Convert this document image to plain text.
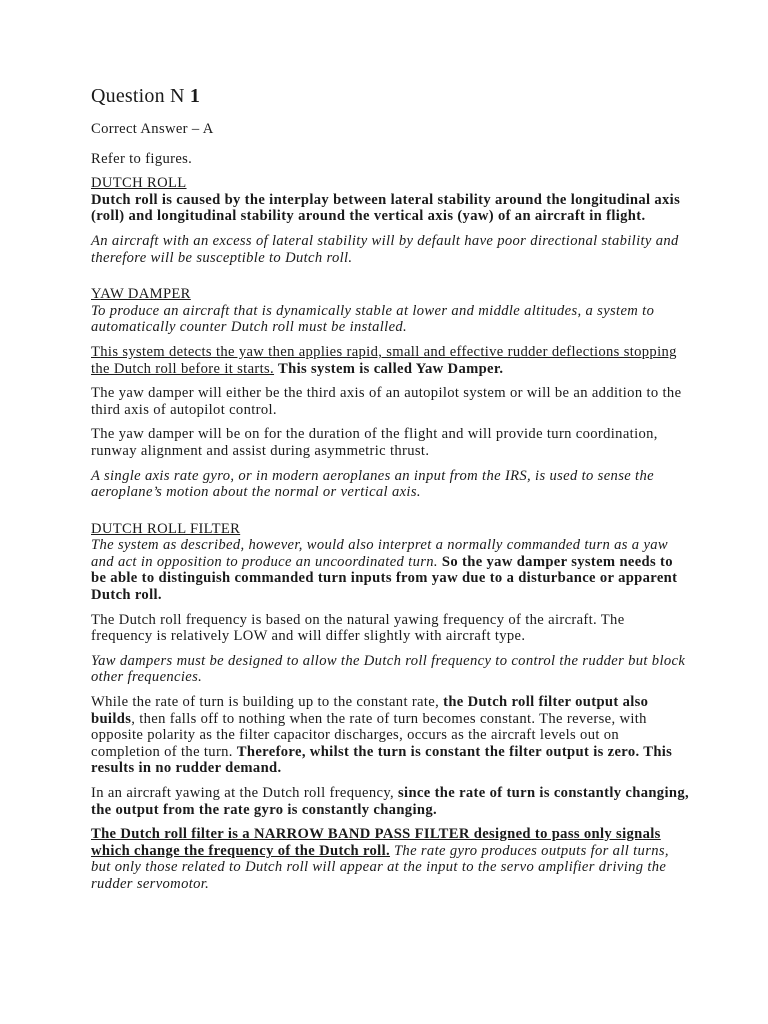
Question N 1

Correct Answer – A

Refer to figures.

DUTCH ROLL

Dutch roll is caused by the interplay between lateral stability around the longitudinal axis (roll) and longitudinal stability around the vertical axis (yaw) of an aircraft in flight.

An aircraft with an excess of lateral stability will by default have poor directional stability and therefore will be susceptible to Dutch roll.

YAW DAMPER

To produce an aircraft that is dynamically stable at lower and middle altitudes, a system to automatically counter Dutch roll must be installed.

This system detects the yaw then applies rapid, small and effective rudder deflections stopping the Dutch roll before it starts. This system is called Yaw Damper.

The yaw damper will either be the third axis of an autopilot system or will be an addition to the third axis of autopilot control.

The yaw damper will be on for the duration of the flight and will provide turn coordination, runway alignment and assist during asymmetric thrust.

A single axis rate gyro, or in modern aeroplanes an input from the IRS, is used to sense the aeroplane’s motion about the normal or vertical axis.

DUTCH ROLL FILTER

The system as described, however, would also interpret a normally commanded turn as a yaw and act in opposition to produce an uncoordinated turn. So the yaw damper system needs to be able to distinguish commanded turn inputs from yaw due to a disturbance or apparent Dutch roll.

The Dutch roll frequency is based on the natural yawing frequency of the aircraft. The frequency is relatively LOW and will differ slightly with aircraft type.

Yaw dampers must be designed to allow the Dutch roll frequency to control the rudder but block other frequencies.

While the rate of turn is building up to the constant rate, the Dutch roll filter output also builds, then falls off to nothing when the rate of turn becomes constant. The reverse, with opposite polarity as the filter capacitor discharges, occurs as the aircraft levels out on completion of the turn. Therefore, whilst the turn is constant the filter output is zero. This results in no rudder demand.

In an aircraft yawing at the Dutch roll frequency, since the rate of turn is constantly changing, the output from the rate gyro is constantly changing.

The Dutch roll filter is a NARROW BAND PASS FILTER designed to pass only signals which change the frequency of the Dutch roll. The rate gyro produces outputs for all turns, but only those related to Dutch roll will appear at the input to the servo amplifier driving the rudder servomotor.
